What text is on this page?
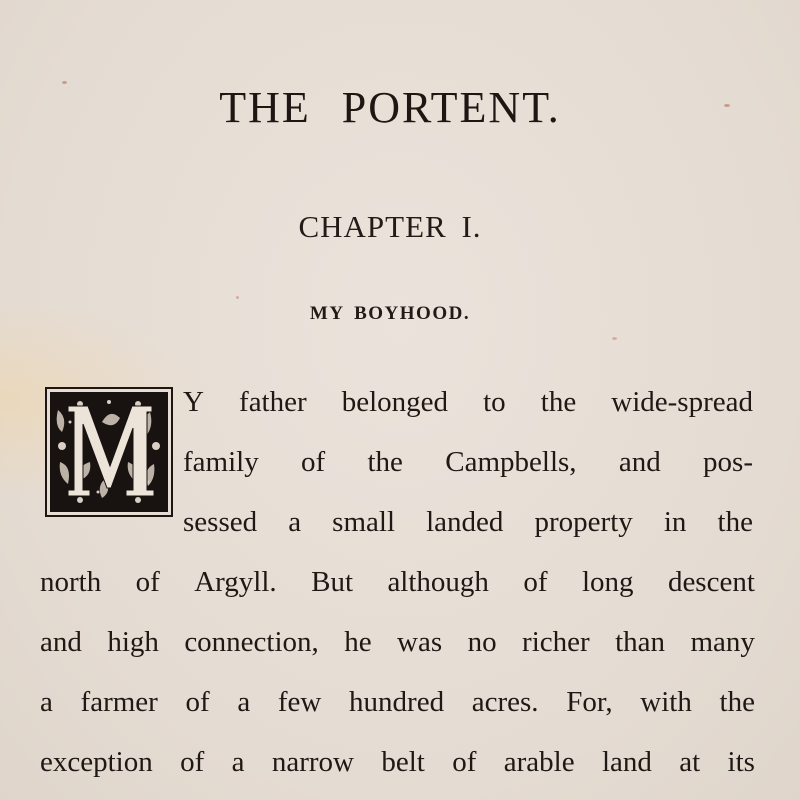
THE PORTENT.
CHAPTER I.
MY BOYHOOD.
Y father belonged to the wide-spread
family of the Campbells, and pos-
sessed a small landed property in the
north of Argyll. But although of long descent
and high connection, he was no richer than many
a farmer of a few hundred acres. For, with the
exception of a narrow belt of arable land at its
